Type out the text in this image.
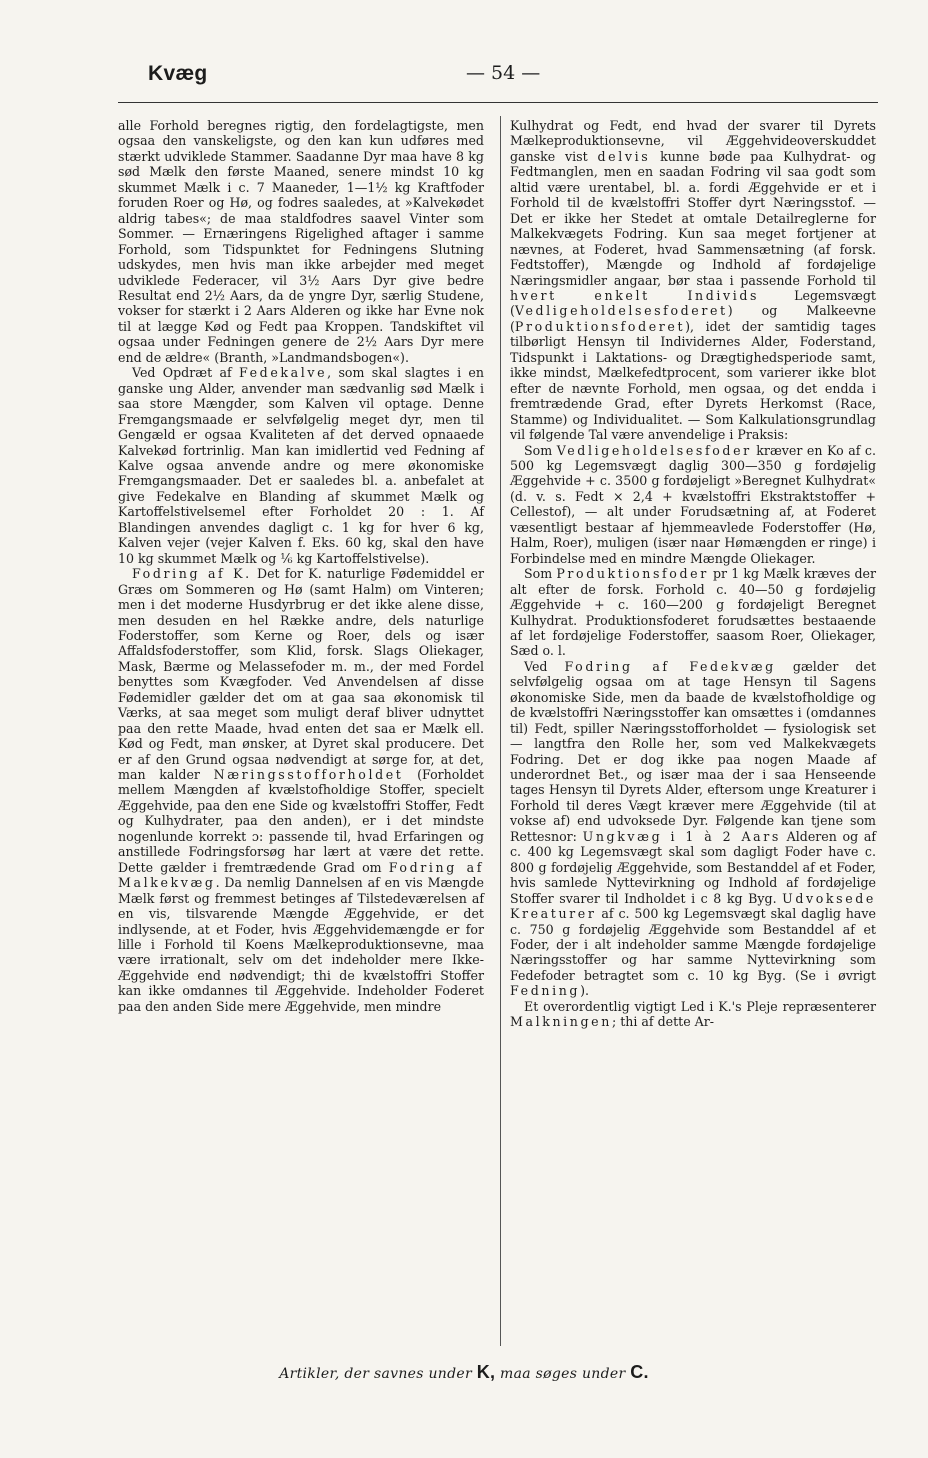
Kvæg	— 54 —

alle Forhold beregnes rigtig, den fordelagtigste, men ogsaa den vanskeligste, og den kan kun udføres med stærkt udviklede Stammer. Saadanne Dyr maa have 8 kg sød Mælk den første Maaned, senere mindst 10 kg skummet Mælk i c. 7 Maaneder, 1—1½ kg Kraftfoder foruden Roer og Hø, og fodres saaledes, at »Kalvekødet aldrig tabes«; de maa staldfodres saavel Vinter som Sommer. — Ernæringens Rigelighed aftager i samme Forhold, som Tidspunktet for Fedningens Slutning udskydes, men hvis man ikke arbejder med meget udviklede Federacer, vil 3½ Aars Dyr give bedre Resultat end 2½ Aars, da de yngre Dyr, særlig Studene, vokser for stærkt i 2 Aars Alderen og ikke har Evne nok til at lægge Kød og Fedt paa Kroppen. Tandskiftet vil ogsaa under Fedningen genere de 2½ Aars Dyr mere end de ældre« (Branth, »Landmandsbogen«).

Ved Opdræt af Fedekalve, som skal slagtes i en ganske ung Alder, anvender man sædvanlig sød Mælk i saa store Mængder, som Kalven vil optage. Denne Fremgangsmaade er selvfølgelig meget dyr, men til Gengæld er ogsaa Kvaliteten af det derved opnaaede Kalvekød fortrinlig. Man kan imidlertid ved Fedning af Kalve ogsaa anvende andre og mere økonomiske Fremgangsmaader. Det er saaledes bl. a. anbefalet at give Fedekalve en Blanding af skummet Mælk og Kartoffelstivelsemel efter Forholdet 20 : 1. Af Blandingen anvendes dagligt c. 1 kg for hver 6 kg, Kalven vejer (vejer Kalven f. Eks. 60 kg, skal den have 10 kg skummet Mælk og ⅙ kg Kartoffelstivelse).

Fodring af K. Det for K. naturlige Fødemiddel er Græs om Sommeren og Hø (samt Halm) om Vinteren; men i det moderne Husdyrbrug er det ikke alene disse, men desuden en hel Række andre, dels naturlige Foderstoffer, som Kerne og Roer, dels og især Affaldsfoderstoffer, som Klid, forsk. Slags Oliekager, Mask, Bærme og Melassefoder m. m., der med Fordel benyttes som Kvægfoder. Ved Anvendelsen af disse Fødemidler gælder det om at gaa saa økonomisk til Værks, at saa meget som muligt deraf bliver udnyttet paa den rette Maade, hvad enten det saa er Mælk ell. Kød og Fedt, man ønsker, at Dyret skal producere. Det er af den Grund ogsaa nødvendigt at sørge for, at det, man kalder Næringsstofforholdet (Forholdet mellem Mængden af kvælstofholdige Stoffer, specielt Æggehvide, paa den ene Side og kvælstoffri Stoffer, Fedt og Kulhydrater, paa den anden), er i det mindste nogenlunde korrekt ɔ: passende til, hvad Erfaringen og anstillede Fodringsforsøg har lært at være det rette. Dette gælder i fremtrædende Grad om Fodring af Malkekvæg. Da nemlig Dannelsen af en vis Mængde Mælk først og fremmest betinges af Tilstedeværelsen af en vis, tilsvarende Mængde Æggehvide, er det indlysende, at et Foder, hvis Æggehvidemængde er for lille i Forhold til Koens Mælkeproduktionsevne, maa være irrationalt, selv om det indeholder mere Ikke-Æggehvide end nødvendigt; thi de kvælstoffri Stoffer kan ikke omdannes til Æggehvide. Indeholder Foderet paa den anden Side mere Æggehvide, men mindre

Kulhydrat og Fedt, end hvad der svarer til Dyrets Mælkeproduktionsevne, vil Æggehvideoverskuddet ganske vist delvis kunne bøde paa Kulhydrat- og Fedtmanglen, men en saadan Fodring vil saa godt som altid være urentabel, bl. a. fordi Æggehvide er et i Forhold til de kvælstoffri Stoffer dyrt Næringsstof. — Det er ikke her Stedet at omtale Detailreglerne for Malkekvægets Fodring. Kun saa meget fortjener at nævnes, at Foderet, hvad Sammensætning (af forsk. Fedtstoffer), Mængde og Indhold af fordøjelige Næringsmidler angaar, bør staa i passende Forhold til hvert enkelt Individs Legemsvægt (Vedligeholdelsesfoderet) og Malkeevne (Produktionsfoderet), idet der samtidig tages tilbørligt Hensyn til Individernes Alder, Foderstand, Tidspunkt i Laktations- og Drægtighedsperiode samt, ikke mindst, Mælkefedtprocent, som varierer ikke blot efter de nævnte Forhold, men ogsaa, og det endda i fremtrædende Grad, efter Dyrets Herkomst (Race, Stamme) og Individualitet. — Som Kalkulationsgrundlag vil følgende Tal være anvendelige i Praksis:

Som Vedligeholdelsesfoder kræver en Ko af c. 500 kg Legemsvægt daglig 300—350 g fordøjelig Æggehvide + c. 3500 g fordøjeligt »Beregnet Kulhydrat« (d. v. s. Fedt × 2,4 + kvælstoffri Ekstraktstoffer + Cellestof), — alt under Forudsætning af, at Foderet væsentligt bestaar af hjemmeavlede Foderstoffer (Hø, Halm, Roer), muligen (især naar Hømængden er ringe) i Forbindelse med en mindre Mængde Oliekager.

Som Produktionsfoder pr 1 kg Mælk kræves der alt efter de forsk. Forhold c. 40—50 g fordøjelig Æggehvide + c. 160—200 g fordøjeligt Beregnet Kulhydrat. Produktionsfoderet forudsættes bestaaende af let fordøjelige Foderstoffer, saasom Roer, Oliekager, Sæd o. l.

Ved Fodring af Fedekvæg gælder det selvfølgelig ogsaa om at tage Hensyn til Sagens økonomiske Side, men da baade de kvælstofholdige og de kvælstoffri Næringsstoffer kan omsættes i (omdannes til) Fedt, spiller Næringsstofforholdet — fysiologisk set — langtfra den Rolle her, som ved Malkekvægets Fodring. Det er dog ikke paa nogen Maade af underordnet Bet., og især maa der i saa Henseende tages Hensyn til Dyrets Alder, eftersom unge Kreaturer i Forhold til deres Vægt kræver mere Æggehvide (til at vokse af) end udvoksede Dyr. Følgende kan tjene som Rettesnor: Ungkvæg i 1 à 2 Aars Alderen og af c. 400 kg Legemsvægt skal som dagligt Foder have c. 800 g fordøjelig Æggehvide, som Bestanddel af et Foder, hvis samlede Nyttevirkning og Indhold af fordøjelige Stoffer svarer til Indholdet i c 8 kg Byg. Udvoksede Kreaturer af c. 500 kg Legemsvægt skal daglig have c. 750 g fordøjelig Æggehvide som Bestanddel af et Foder, der i alt indeholder samme Mængde fordøjelige Næringsstoffer og har samme Nyttevirkning som Fedefoder betragtet som c. 10 kg Byg. (Se i øvrigt Fedning).

Et overordentlig vigtigt Led i K.'s Pleje repræsenterer Malkningen; thi af dette Ar-

Artikler, der savnes under K, maa søges under C.
